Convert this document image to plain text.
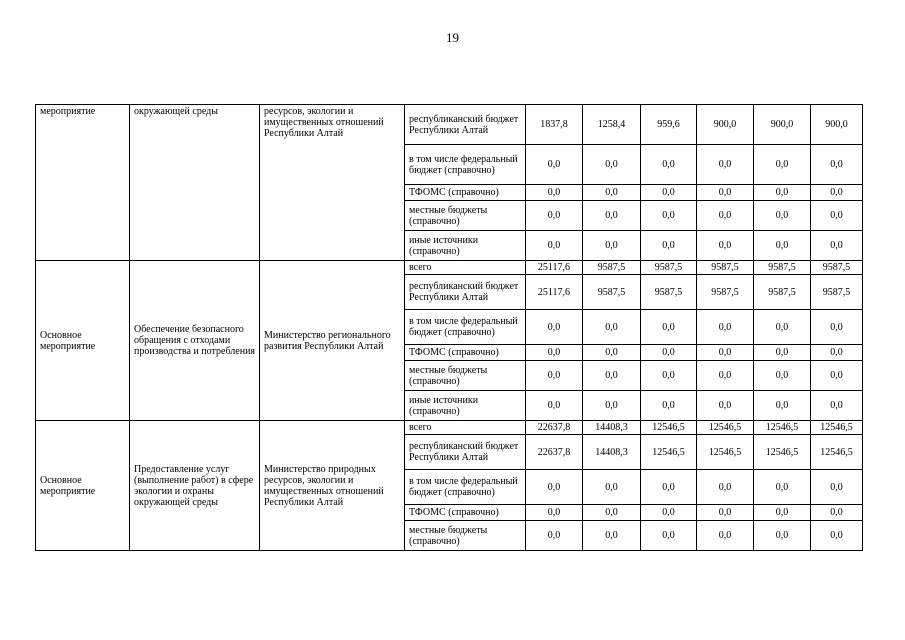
19
мероприятие	окружающей среды	ресурсов, экологии и имущественных отношений Республики Алтай	республиканский бюджет Республики Алтай	1837,8	1258,4	959,6	900,0	900,0	900,0
			в том числе федеральный бюджет (справочно)	0,0	0,0	0,0	0,0	0,0	0,0
			ТФОМС (справочно)	0,0	0,0	0,0	0,0	0,0	0,0
			местные бюджеты (справочно)	0,0	0,0	0,0	0,0	0,0	0,0
			иные источники (справочно)	0,0	0,0	0,0	0,0	0,0	0,0
Основное мероприятие	Обеспечение безопасного обращения с отходами производства и потребления	Министерство регионального развития Республики Алтай	всего	25117,6	9587,5	9587,5	9587,5	9587,5	9587,5
			республиканский бюджет Республики Алтай	25117,6	9587,5	9587,5	9587,5	9587,5	9587,5
			в том числе федеральный бюджет (справочно)	0,0	0,0	0,0	0,0	0,0	0,0
			ТФОМС (справочно)	0,0	0,0	0,0	0,0	0,0	0,0
			местные бюджеты (справочно)	0,0	0,0	0,0	0,0	0,0	0,0
			иные источники (справочно)	0,0	0,0	0,0	0,0	0,0	0,0
Основное мероприятие	Предоставление услуг (выполнение работ) в сфере экологии и охраны окружающей среды	Министерство природных ресурсов, экологии и имущественных отношений Республики Алтай	всего	22637,8	14408,3	12546,5	12546,5	12546,5	12546,5
			республиканский бюджет Республики Алтай	22637,8	14408,3	12546,5	12546,5	12546,5	12546,5
			в том числе федеральный бюджет (справочно)	0,0	0,0	0,0	0,0	0,0	0,0
			ТФОМС (справочно)	0,0	0,0	0,0	0,0	0,0	0,0
			местные бюджеты (справочно)	0,0	0,0	0,0	0,0	0,0	0,0
